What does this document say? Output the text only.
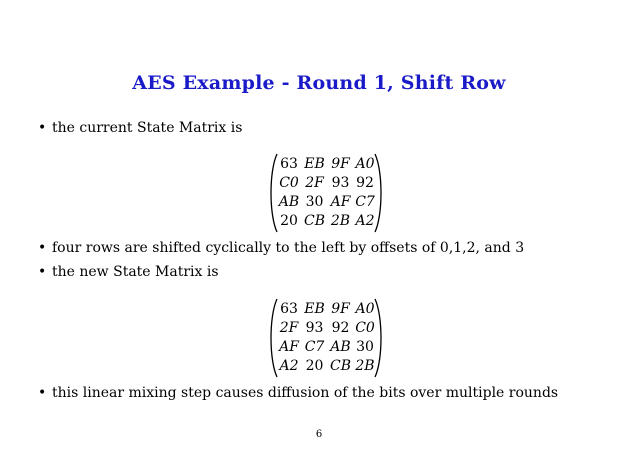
AES Example - Round 1, Shift Row
• the current State Matrix is
63 EB 9F A0
C0 2F 93 92
AB 30 AF C7
20 CB 2B A2
• four rows are shifted cyclically to the left by offsets of 0,1,2, and 3
• the new State Matrix is
63 EB 9F A0
2F 93 92 C0
AF C7 AB 30
A2 20 CB 2B
• this linear mixing step causes diffusion of the bits over multiple rounds
6
